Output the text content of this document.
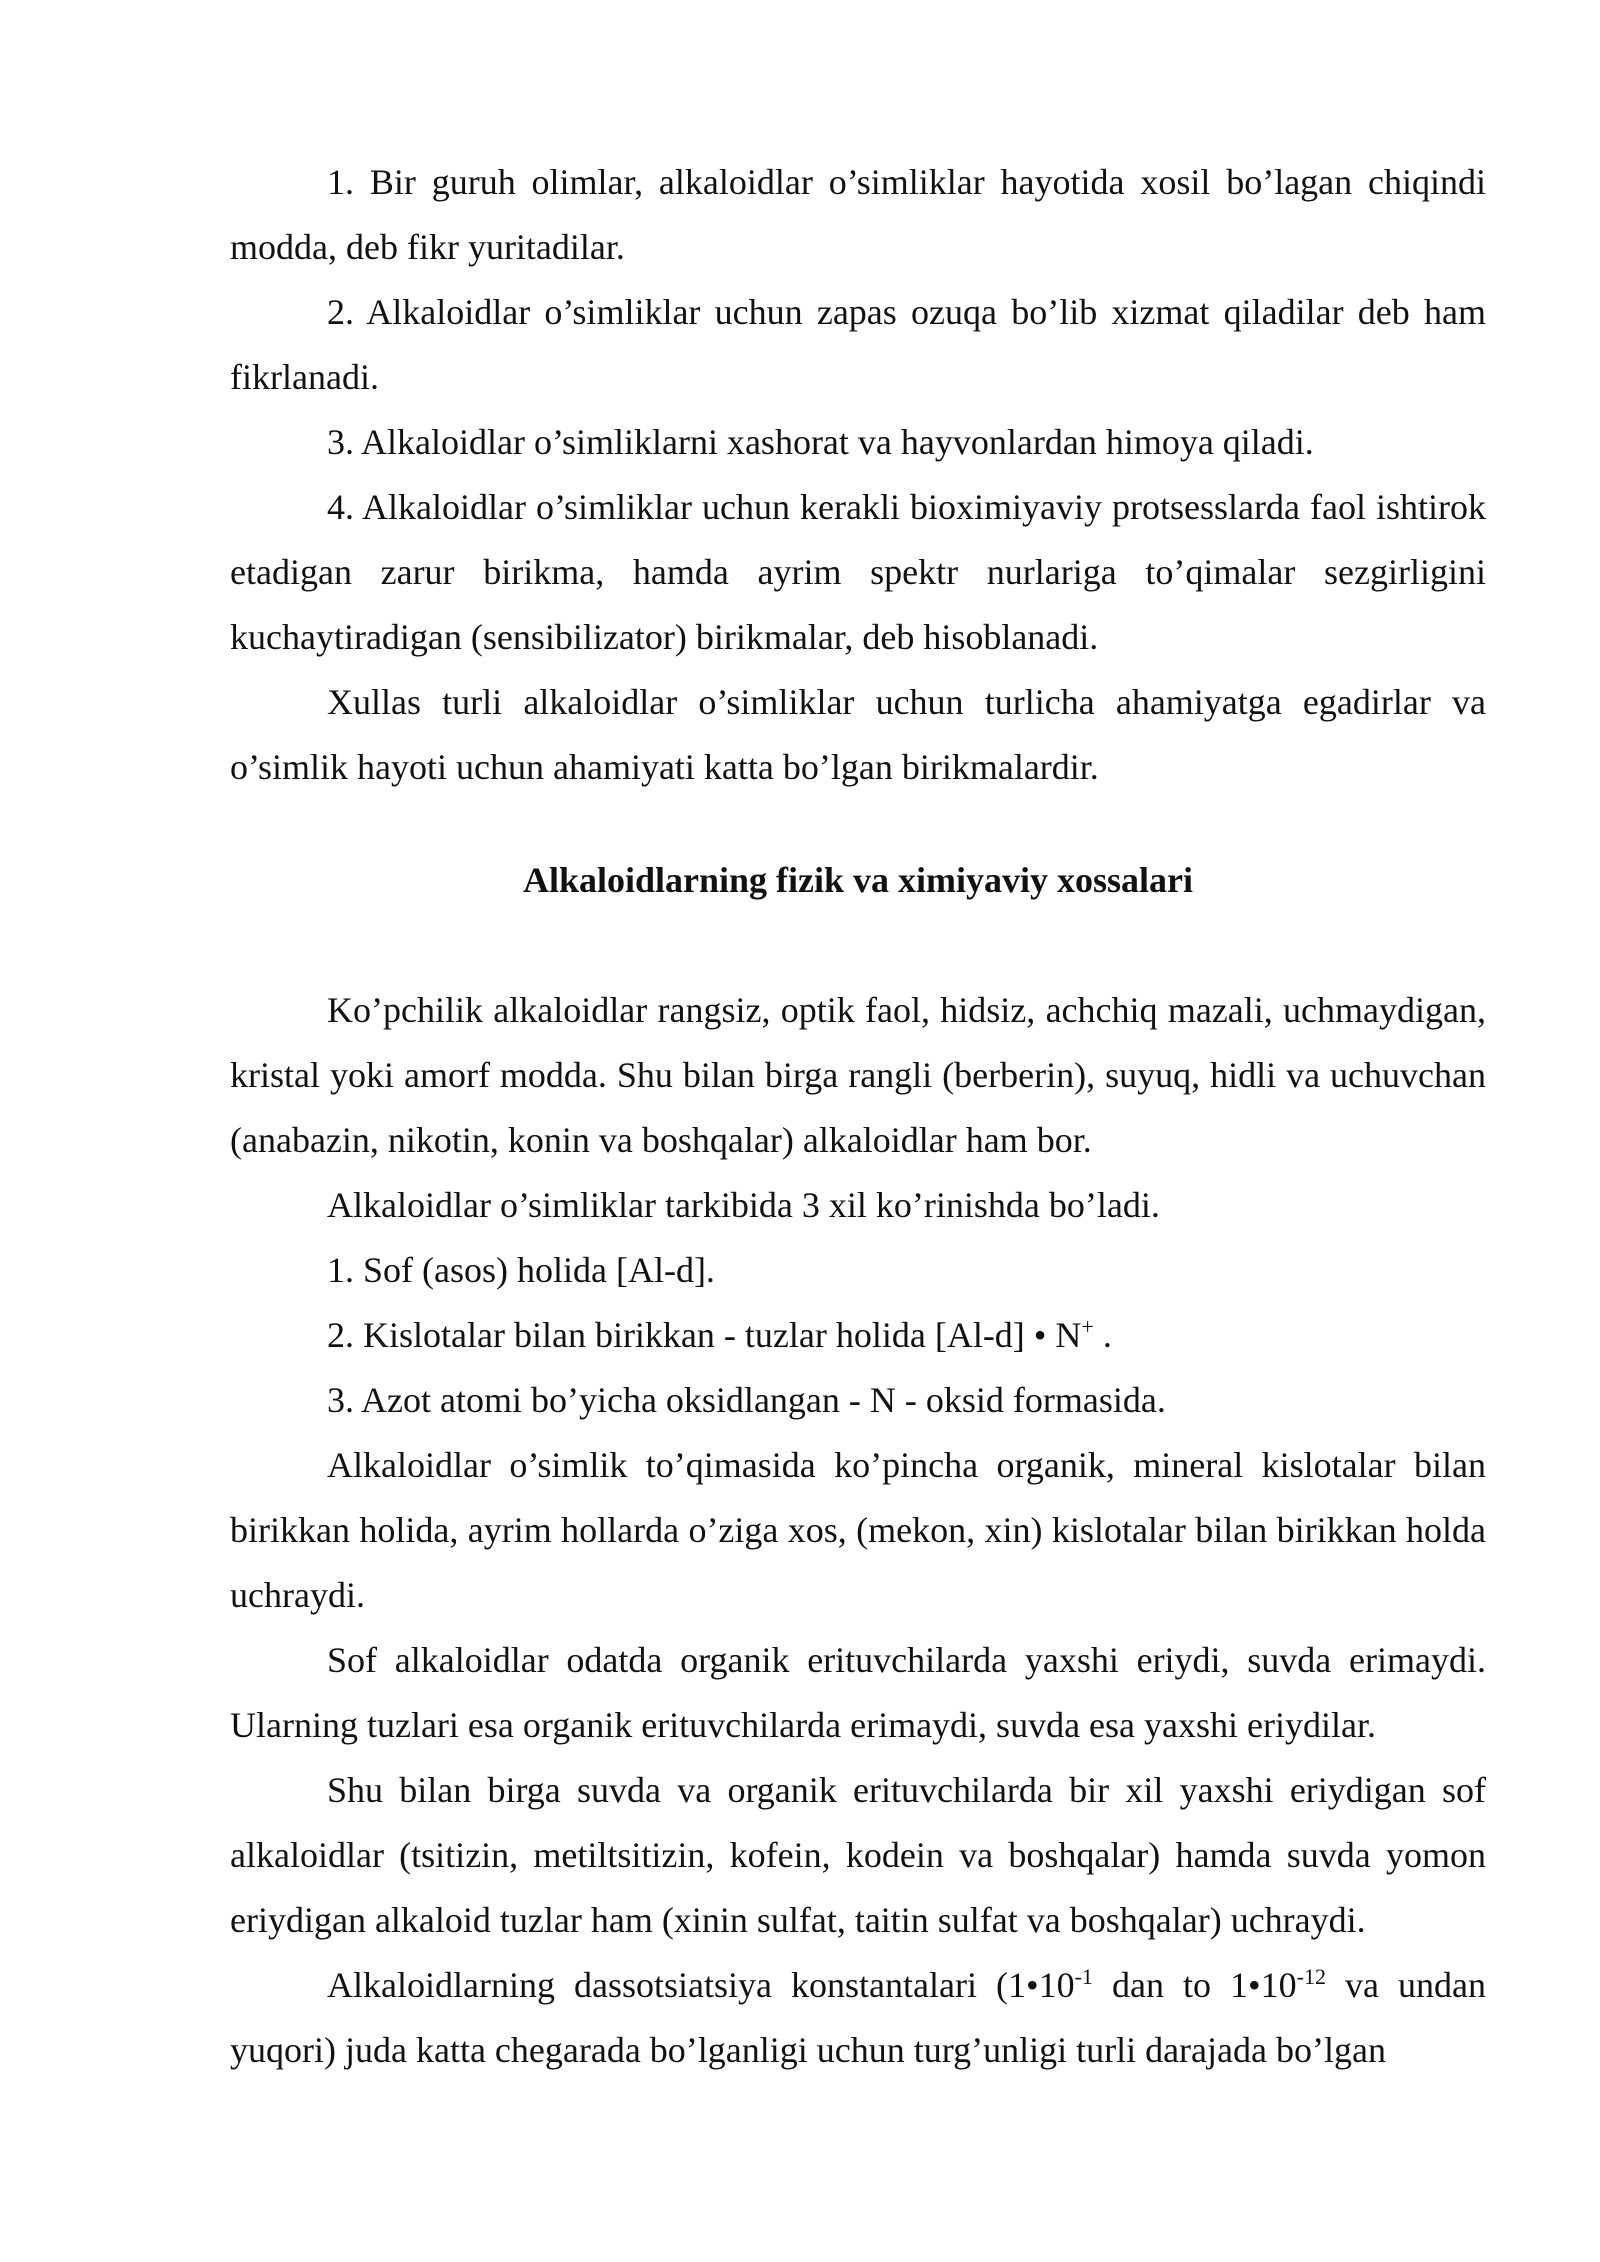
1. Bir guruh olimlar, alkaloidlar o’simliklar hayotida xosil bo’lagan chiqindi modda, deb fikr yuritadilar.

2. Alkaloidlar o’simliklar uchun zapas ozuqa bo’lib xizmat qiladilar deb ham fikrlanadi.

3. Alkaloidlar o’simliklarni xashorat va hayvonlardan himoya qiladi.

4. Alkaloidlar o’simliklar uchun kerakli bioximiyaviy protsesslarda faol ishtirok etadigan zarur birikma, hamda ayrim spektr nurlariga to’qimalar sezgirligini kuchaytiradigan (sensibilizator) birikmalar, deb hisoblanadi.

Xullas turli alkaloidlar o’simliklar uchun turlicha ahamiyatga egadirlar va o’simlik hayoti uchun ahamiyati katta bo’lgan birikmalardir.

Alkaloidlarning fizik va ximiyaviy xossalari

Ko’pchilik alkaloidlar rangsiz, optik faol, hidsiz, achchiq mazali, uchmaydigan, kristal yoki amorf modda. Shu bilan birga rangli (berberin), suyuq, hidli va uchuvchan (anabazin, nikotin, konin va boshqalar) alkaloidlar ham bor.

Alkaloidlar o’simliklar tarkibida 3 xil ko’rinishda bo’ladi.

1. Sof (asos) holida [Al-d].

2. Kislotalar bilan birikkan - tuzlar holida [Al-d] • N+ .

3. Azot atomi bo’yicha oksidlangan - N - oksid formasida.

Alkaloidlar o’simlik to’qimasida ko’pincha organik, mineral kislotalar bilan birikkan holida, ayrim hollarda o’ziga xos, (mekon, xin) kislotalar bilan birikkan holda uchraydi.

Sof alkaloidlar odatda organik erituvchilarda yaxshi eriydi, suvda erimaydi. Ularning tuzlari esa organik erituvchilarda erimaydi, suvda esa yaxshi eriydilar.

Shu bilan birga suvda va organik erituvchilarda bir xil yaxshi eriydigan sof alkaloidlar (tsitizin, metiltsitizin, kofein, kodein va boshqalar) hamda suvda yomon eriydigan alkaloid tuzlar ham (xinin sulfat, taitin sulfat va boshqalar) uchraydi.

Alkaloidlarning dassotsiatsiya konstantalari ($1•10^{-1}$ dan to $1•10^{-12}$ va undan yuqori) juda katta chegarada bo’lganligi uchun turg’unligi turli darajada bo’lgan
